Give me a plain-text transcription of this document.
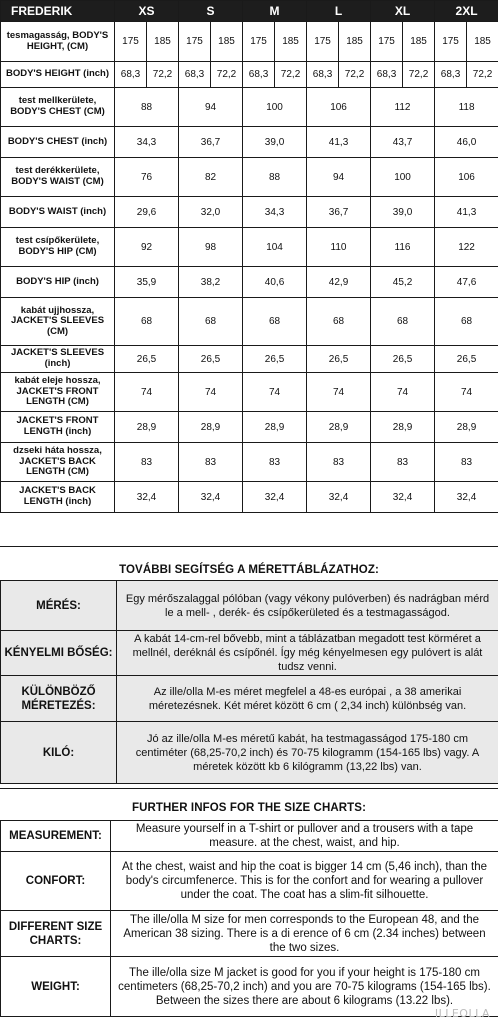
FREDERIK	XS		S		M		L		XL		2XL	
tesmagasság, BODY'S HEIGHT, (CM)	175	185	175	185	175	185	175	185	175	185	175	185
BODY'S HEIGHT (inch)	68,3	72,2	68,3	72,2	68,3	72,2	68,3	72,2	68,3	72,2	68,3	72,2
test mellkerülete, BODY'S CHEST (CM)	88		94		100		106		112		118	
BODY'S CHEST (inch)	34,3		36,7		39,0		41,3		43,7		46,0	
test derékkerülete, BODY'S WAIST (CM)	76		82		88		94		100		106	
BODY'S WAIST (inch)	29,6		32,0		34,3		36,7		39,0		41,3	
test csípőkerülete, BODY'S HIP (CM)	92		98		104		110		116		122	
BODY'S HIP (inch)	35,9		38,2		40,6		42,9		45,2		47,6	
kabát ujjhossza, JACKET'S SLEEVES (CM)	68		68		68		68		68		68	
JACKET'S SLEEVES (inch)	26,5		26,5		26,5		26,5		26,5		26,5	
kabát eleje hossza, JACKET'S FRONT LENGTH (CM)	74		74		74		74		74		74	
JACKET'S FRONT LENGTH (inch)	28,9		28,9		28,9		28,9		28,9		28,9	
dzseki háta hossza, JACKET'S BACK LENGTH (CM)	83		83		83		83		83		83	
JACKET'S BACK LENGTH (inch)	32,4		32,4		32,4		32,4		32,4		32,4	
TOVÁBBI SEGÍTSÉG A MÉRETTÁBLÁZATHOZ:
MÉRÉS:	Egy mérőszalaggal pólóban (vagy vékony pulóverben) és nadrágban mérd le a mell- , derék- és csípőkerületed és a testmagasságod.
KÉNYELMI BŐSÉG:	A kabát 14-cm-rel bővebb, mint a táblázatban megadott test körméret a mellnél, deréknál és csípőnél. Így még kényelmesen egy pulóvert is alát tudsz venni.
KÜLÖNBÖZŐ MÉRETEZÉS:	Az ille/olla M-es méret megfelel a 48-es európai , a 38 amerikai méretezésnek. Két méret között 6 cm ( 2,34 inch) különbség van.
KILÓ:	Jó az ille/olla M-es méretű kabát, ha testmagasságod 175-180 cm centiméter (68,25-70,2 inch) és 70-75 kilogramm (154-165 lbs) vagy. A méretek között kb 6 kilógramm (13,22 lbs) van.
FURTHER INFOS FOR THE SIZE CHARTS:
MEASUREMENT:	Measure yourself in a T-shirt or pullover and a trousers with a tape measure. at the chest, waist, and hip.
CONFORT:	At the chest, waist and hip the coat is bigger 14 cm (5,46 inch), than the body's circumfenerce. This is for the confort and for wearing a pullover under the coat. The coat has a slim-fit silhouette.
DIFFERENT SIZE CHARTS:	The ille/olla M size for men corresponds to the European 48, and the American 38 sizing. There is a di erence of 6 cm (2.34 inches) between the two sizes.
WEIGHT:	The ille/olla size M jacket is good for you if your height is 175-180 cm centimeters (68,25-70,2 inch) and you are 70-75 kilograms (154-165 lbs). Between the sizes there are about 6 kilograms (13.22 lbs).
ILLEOLLA
